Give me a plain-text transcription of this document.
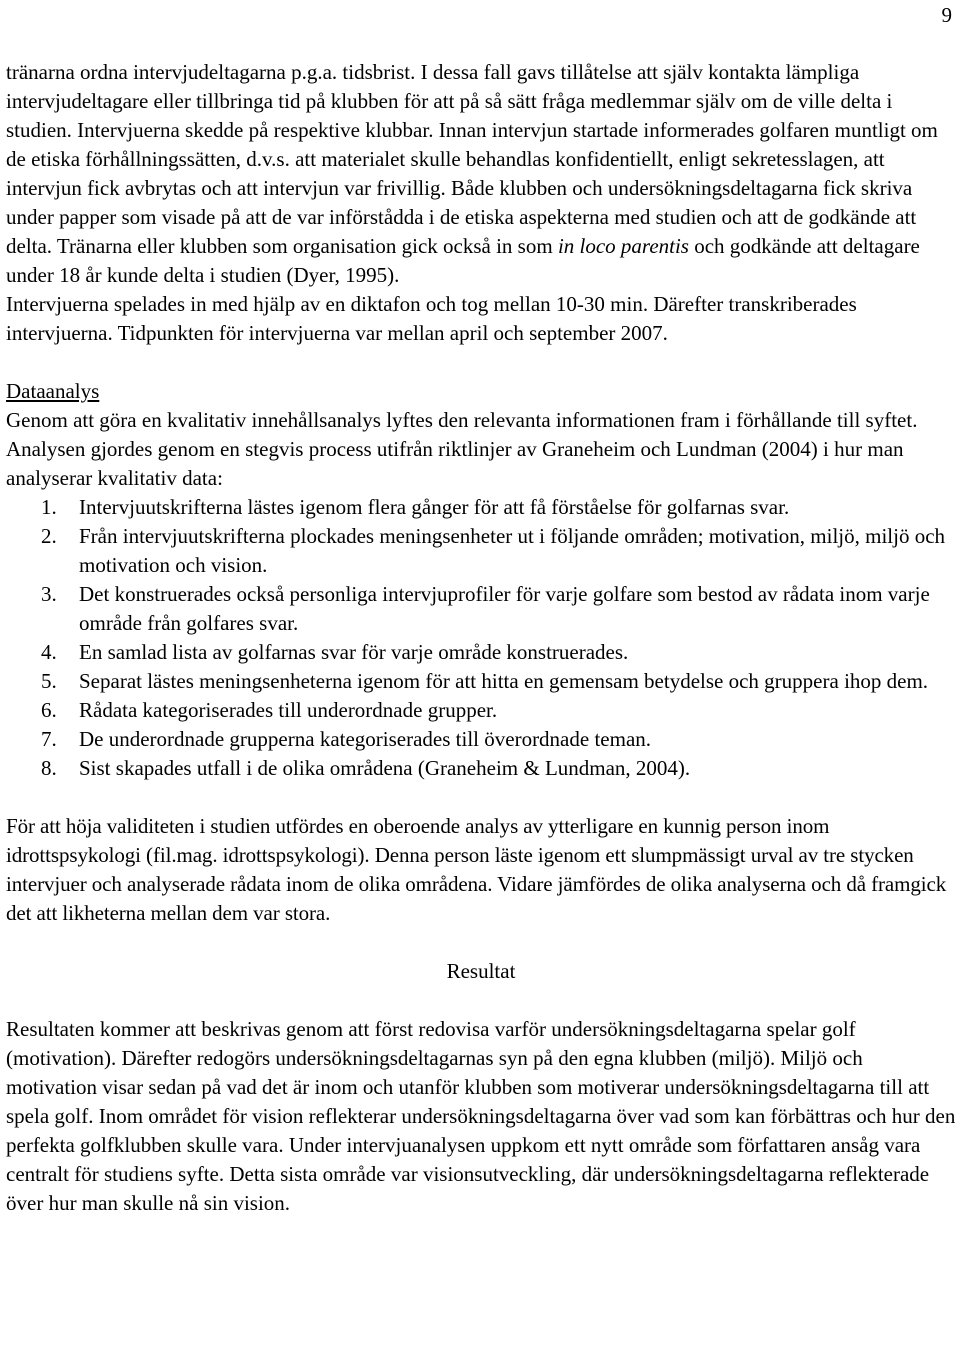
9

tränarna ordna intervjudeltagarna p.g.a. tidsbrist. I dessa fall gavs tillåtelse att själv kontakta lämpliga intervjudeltagare eller tillbringa tid på klubben för att på så sätt fråga medlemmar själv om de ville delta i studien. Intervjuerna skedde på respektive klubbar. Innan intervjun startade informerades golfaren muntligt om de etiska förhållningssätten, d.v.s. att materialet skulle behandlas konfidentiellt, enligt sekretesslagen, att intervjun fick avbrytas och att intervjun var frivillig. Både klubben och undersökningsdeltagarna fick skriva under papper som visade på att de var införstådda i de etiska aspekterna med studien och att de godkände att delta. Tränarna eller klubben som organisation gick också in som in loco parentis och godkände att deltagare under 18 år kunde delta i studien (Dyer, 1995).

Intervjuerna spelades in med hjälp av en diktafon och tog mellan 10-30 min. Därefter transkriberades intervjuerna. Tidpunkten för intervjuerna var mellan april och september 2007.

Dataanalys

Genom att göra en kvalitativ innehållsanalys lyftes den relevanta informationen fram i förhållande till syftet. Analysen gjordes genom en stegvis process utifrån riktlinjer av Graneheim och Lundman (2004) i hur man analyserar kvalitativ data:

1.	Intervjuutskrifterna lästes igenom flera gånger för att få förståelse för golfarnas svar.
2.	Från intervjuutskrifterna plockades meningsenheter ut i följande områden; motivation, miljö, miljö och motivation och vision.
3.	Det konstruerades också personliga intervjuprofiler för varje golfare som bestod av rådata inom varje område från golfares svar.
4.	En samlad lista av golfarnas svar för varje område konstruerades.
5.	Separat lästes meningsenheterna igenom för att hitta en gemensam betydelse och gruppera ihop dem.
6.	Rådata kategoriserades till underordnade grupper.
7.	De underordnade grupperna kategoriserades till överordnade teman.
8.	Sist skapades utfall i de olika områdena (Graneheim & Lundman, 2004).

För att höja validiteten i studien utfördes en oberoende analys av ytterligare en kunnig person inom idrottspsykologi (fil.mag. idrottspsykologi). Denna person läste igenom ett slumpmässigt urval av tre stycken intervjuer och analyserade rådata inom de olika områdena. Vidare jämfördes de olika analyserna och då framgick det att likheterna mellan dem var stora.

Resultat

Resultaten kommer att beskrivas genom att först redovisa varför undersökningsdeltagarna spelar golf (motivation). Därefter redogörs undersökningsdeltagarnas syn på den egna klubben (miljö). Miljö och motivation visar sedan på vad det är inom och utanför klubben som motiverar undersökningsdeltagarna till att spela golf. Inom området för vision reflekterar undersökningsdeltagarna över vad som kan förbättras och hur den perfekta golfklubben skulle vara. Under intervjuanalysen uppkom ett nytt område som författaren ansåg vara centralt för studiens syfte. Detta sista område var visionsutveckling, där undersökningsdeltagarna reflekterade över hur man skulle nå sin vision.
